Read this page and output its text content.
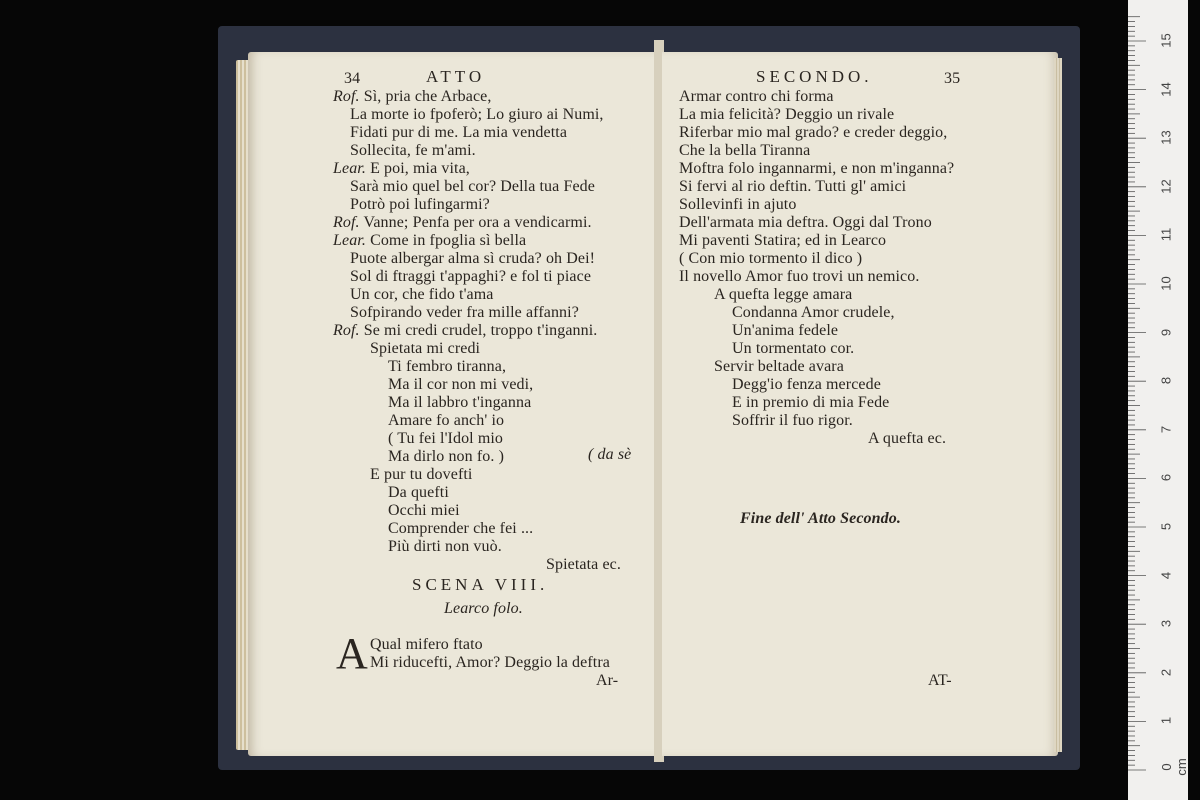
34	ATTO
Rof. Sì, pria che Arbace,
La morte io fpoferò; Lo giuro ai Numi,
Fidati pur di me. La mia vendetta
Sollecita, fe m'ami.
Lear. E poi, mia vita,
Sarà mio quel bel cor? Della tua Fede
Potrò poi lufingarmi?
Rof. Vanne; Penfa per ora a vendicarmi.
Lear. Come in fpoglia sì bella
Puote albergar alma sì cruda? oh Dei!
Sol di ftraggi t'appaghi? e fol ti piace
Un cor, che fido t'ama
Sofpirando veder fra mille affanni?
Rof. Se mi credi crudel, troppo t'inganni.
Spietata mi credi
Ti fembro tiranna,
Ma il cor non mi vedi,
Ma il labbro t'inganna
Amare fo anch' io
( Tu fei l'Idol mio
Ma dirlo non fo. )	( da sè
E pur tu dovefti
Da quefti
Occhi miei
Comprender che fei ...
Più dirti non vuò.
Spietata ec.
SCENA VIII.
Learco folo.
A Qual mifero ftato
Mi riducefti, Amor? Deggio la deftra
Ar-
SECONDO.	35
Armar contro chi forma
La mia felicità? Deggio un rivale
Riferbar mio mal grado? e creder deggio,
Che la bella Tiranna
Moftra folo ingannarmi, e non m'inganna?
Si fervi al rio deftin. Tutti gl' amici
Sollevinfi in ajuto
Dell'armata mia deftra. Oggi dal Trono
Mi paventi Statira; ed in Learco
( Con mio tormento il dico )
Il novello Amor fuo trovi un nemico.
A quefta legge amara
Condanna Amor crudele,
Un'anima fedele
Un tormentato cor.
Servir beltade avara
Degg'io fenza mercede
E in premio di mia Fede
Soffrir il fuo rigor.
A quefta ec.
Fine dell' Atto Secondo.
AT-
0 cm
1
2
3
4
5
6
7
8
9
10
11
12
13
14
15
